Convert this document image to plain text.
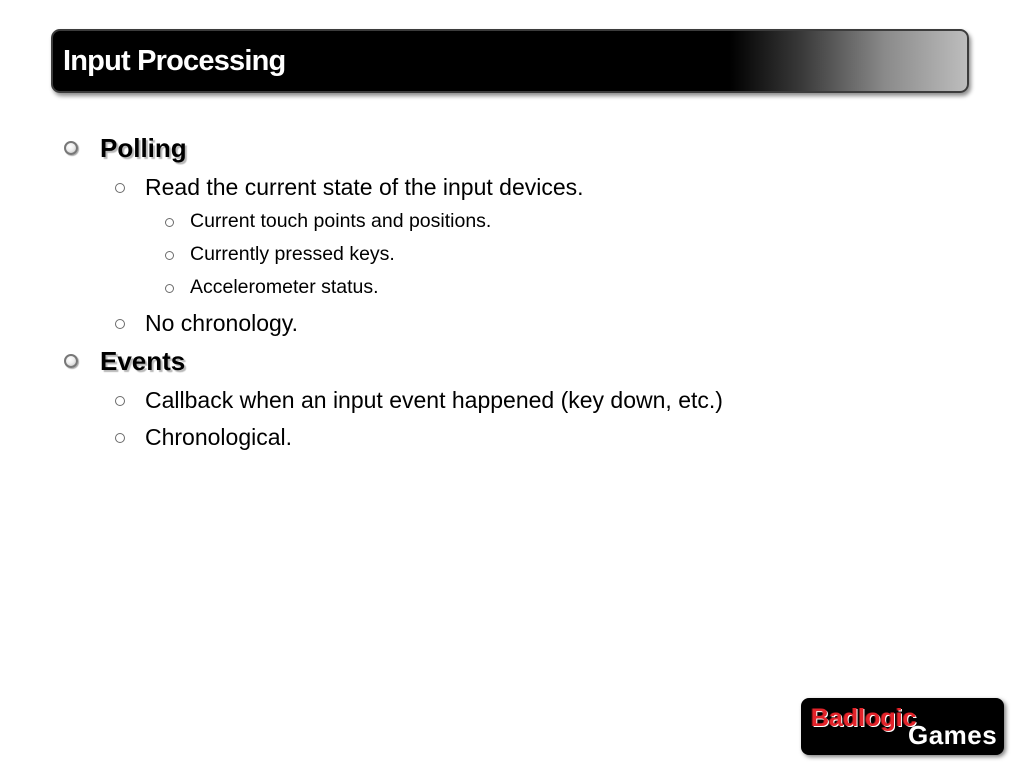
Input Processing
Polling
Read the current state of the input devices.
Current touch points and positions.
Currently pressed keys.
Accelerometer status.
No chronology.
Events
Callback when an input event happened (key down, etc.)
Chronological.
Badlogic
Games
